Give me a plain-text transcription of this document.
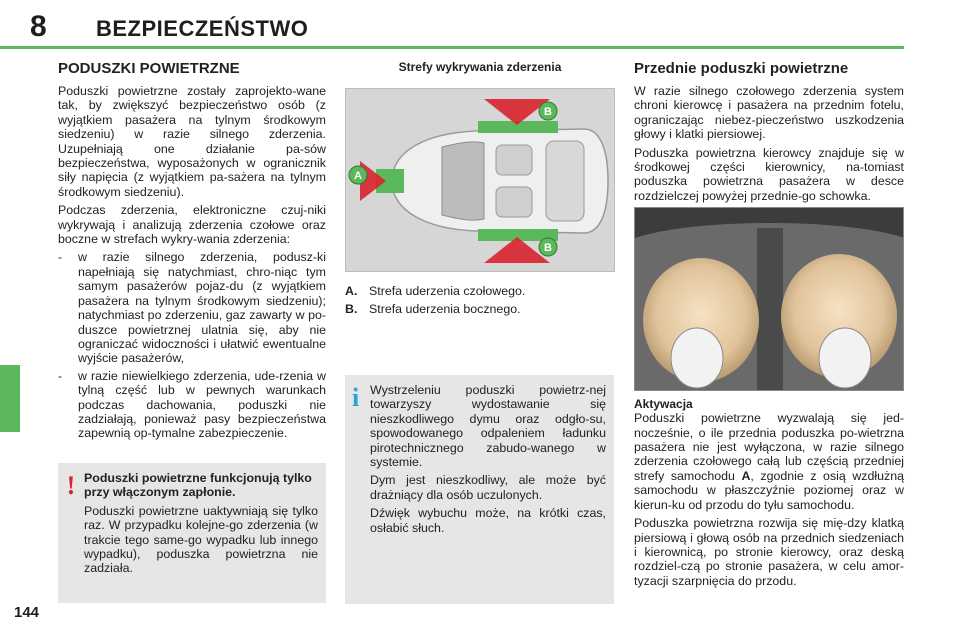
8 BEZPIECZEŃSTWO
144
PODUSZKI POWIETRZNE

Poduszki powietrzne zostały zaprojekto-wane tak, by zwiększyć bezpieczeństwo osób (z wyjątkiem pasażera na tylnym środkowym siedzeniu) w razie silnego zderzenia. Uzupełniają one działanie pa-sów bezpieczeństwa, wyposażonych w ogranicznik siły napięcia (z wyjątkiem pa-sażera na tylnym środkowym siedzeniu).

Podczas zderzenia, elektroniczne czuj-niki wykrywają i analizują zderzenia czołowe oraz boczne w strefach wykry-wania zderzenia:

- w razie silnego zderzenia, podusz-ki napełniają się natychmiast, chro-niąc tym samym pasażerów pojaz-du (z wyjątkiem pasażera na tylnym środkowym siedzeniu); natychmiast po zderzeniu, gaz zawarty w po-duszce powietrznej ulatnia się, aby nie ograniczać widoczności i ułatwić ewentualne wyjście pasażerów,
- w razie niewielkiego zderzenia, ude-rzenia w tylną część lub w pewnych warunkach podczas dachowania, poduszki nie zadziałają, ponieważ pasy bezpieczeństwa zapewnią op-tymalne zabezpieczenie.
! Poduszki powietrzne funkcjonują tylko przy włączonym zapłonie.

Poduszki powietrzne uaktywniają się tylko raz. W przypadku kolejne-go zderzenia (w trakcie tego same-go wypadku lub innego wypadku), poduszka powietrzna nie zadziała.

Strefy wykrywania zderzenia
A
B
B
A. Strefa uderzenia czołowego.
B. Strefa uderzenia bocznego.
i Wystrzeleniu poduszki powietrz-nej towarzyszy wydostawanie się nieszkodliwego dymu oraz odgło-su, spowodowanego odpaleniem ładunku pirotechnicznego zabudo-wanego w systemie.

Dym jest nieszkodliwy, ale może być drażniący dla osób uczulonych.

Dźwięk wybuchu może, na krótki czas, osłabić słuch.

Przednie poduszki powietrzne

W razie silnego czołowego zderzenia system chroni kierowcę i pasażera na przednim fotelu, ograniczając niebez-pieczeństwo uszkodzenia głowy i klatki piersiowej.

Poduszka powietrzna kierowcy znajduje się w środkowej części kierownicy, na-tomiast poduszka powietrzna pasażera w desce rozdzielczej powyżej przednie-go schowka.

Aktywacja

Poduszki powietrzne wyzwalają się jed-nocześnie, o ile przednia poduszka po-wietrzna pasażera nie jest wyłączona, w razie silnego zderzenia czołowego całą lub częścią przedniej strefy samochodu A, zgodnie z osią wzdłużną samochodu w płaszczyźnie poziomej oraz w kierun-ku od przodu do tyłu samochodu.

Poduszka powietrzna rozwija się mię-dzy klatką piersiową i głową osób na przednich siedzeniach i kierownicą, po stronie kierowcy, oraz deską rozdziel-czą po stronie pasażera, w celu amor-tyzacji szarpnięcia do przodu.
